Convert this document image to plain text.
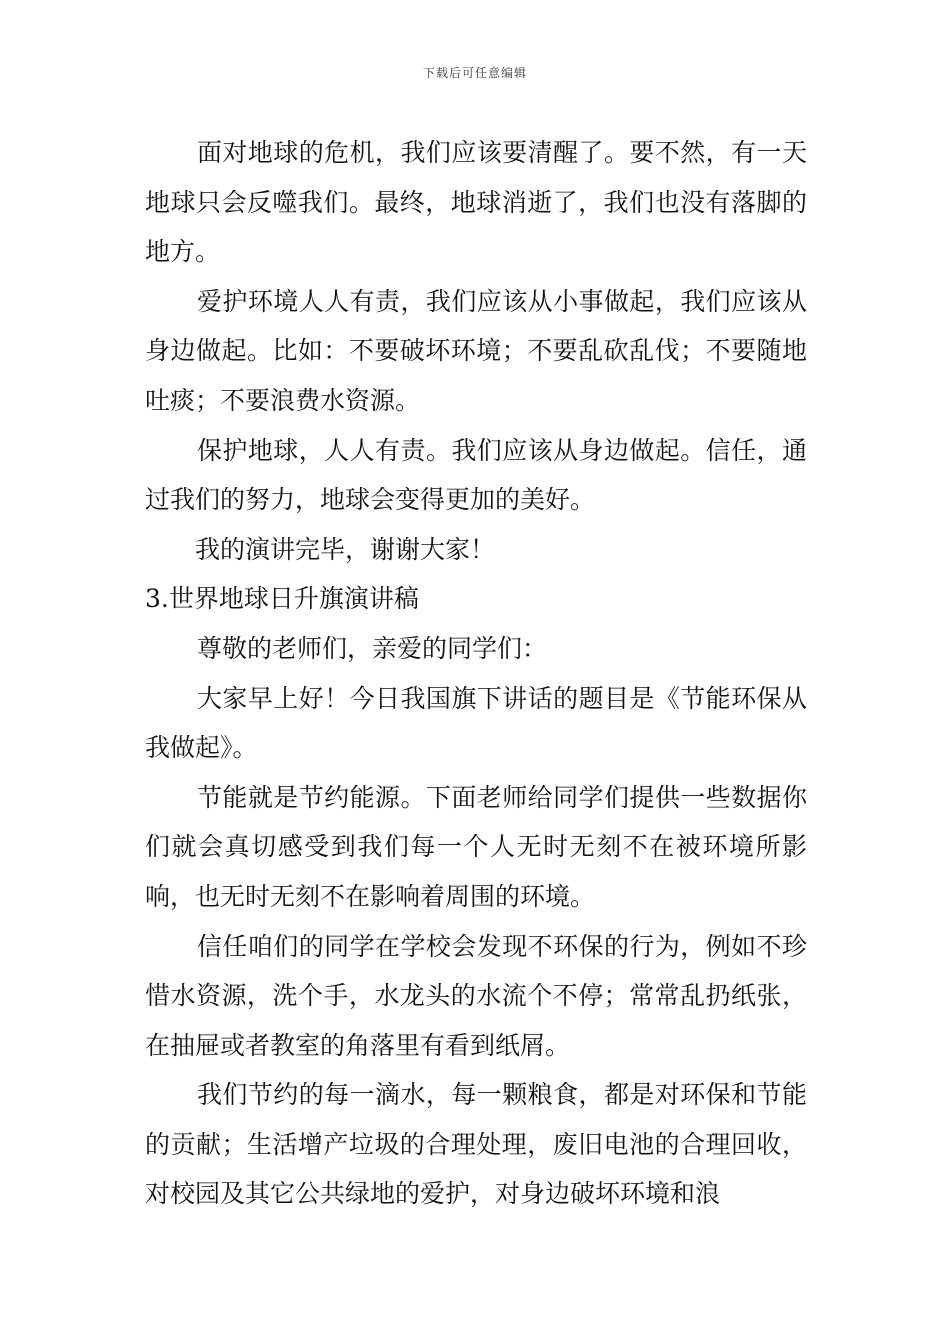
下载后可任意编辑

面对地球的危机，我们应该要清醒了。要不然，有一天地球只会反噬我们。最终，地球消逝了，我们也没有落脚的地方。

爱护环境人人有责，我们应该从小事做起，我们应该从身边做起。比如：不要破坏环境；不要乱砍乱伐；不要随地吐痰；不要浪费水资源。

保护地球，人人有责。我们应该从身边做起。信任，通过我们的努力，地球会变得更加的美好。

我的演讲完毕，谢谢大家！

3.世界地球日升旗演讲稿

尊敬的老师们，亲爱的同学们：

大家早上好！今日我国旗下讲话的题目是《节能环保从我做起》。

节能就是节约能源。下面老师给同学们提供一些数据你们就会真切感受到我们每一个人无时无刻不在被环境所影响，也无时无刻不在影响着周围的环境。

信任咱们的同学在学校会发现不环保的行为，例如不珍惜水资源，洗个手，水龙头的水流个不停；常常乱扔纸张，在抽屉或者教室的角落里有看到纸屑。

我们节约的每一滴水，每一颗粮食，都是对环保和节能的贡献；生活增产垃圾的合理处理，废旧电池的合理回收，对校园及其它公共绿地的爱护，对身边破坏环境和浪
